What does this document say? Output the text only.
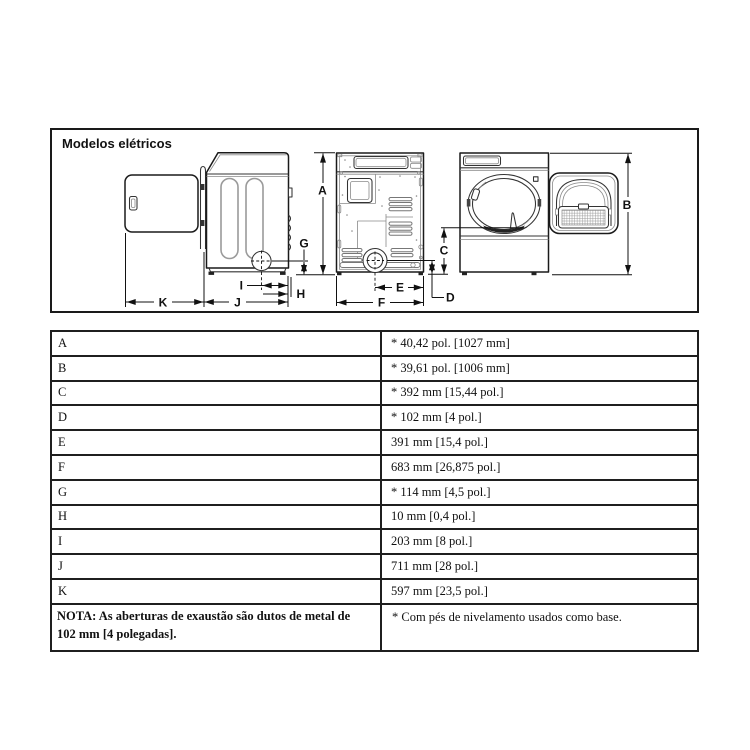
Modelos elétricos
A
G
I
H
K	J
C
D
E
F
B
A	* 40,42 pol. [1027 mm]
B	* 39,61 pol. [1006 mm]
C	* 392 mm [15,44 pol.]
D	* 102 mm [4 pol.]
E	391 mm [15,4 pol.]
F	683 mm [26,875 pol.]
G	* 114 mm [4,5 pol.]
H	10 mm [0,4 pol.]
I	203 mm [8 pol.]
J	711 mm [28 pol.]
K	597 mm [23,5 pol.]
NOTA: As aberturas de exaustão são dutos de metal de 102 mm [4 polegadas].	* Com pés de nivelamento usados como base.
